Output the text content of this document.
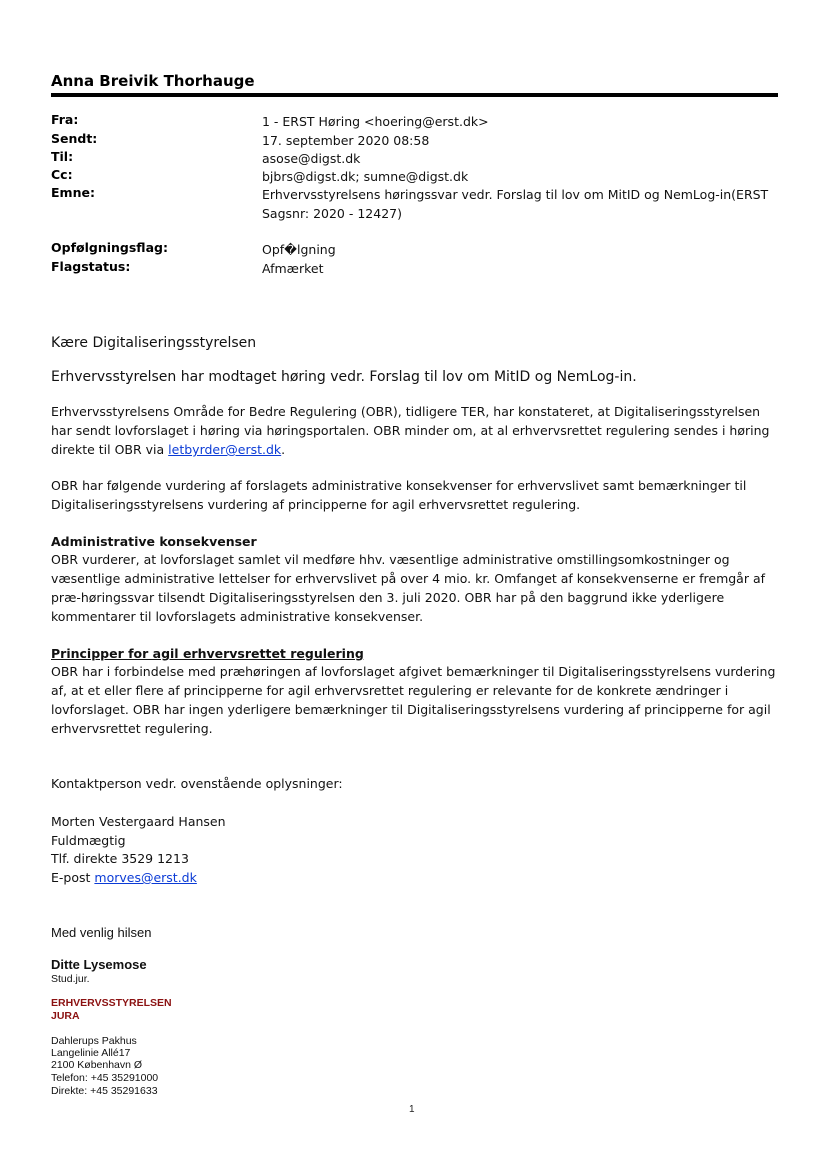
Anna Breivik Thorhauge
Fra:	1 - ERST Høring <hoering@erst.dk>
Sendt:	17. september 2020 08:58
Til:	asose@digst.dk
Cc:	bjbrs@digst.dk; sumne@digst.dk
Emne:	Erhvervsstyrelsens høringssvar vedr. Forslag til lov om MitID og NemLog-in(ERST Sagsnr: 2020 - 12427)
Opfølgningsflag:	Opf�lgning
Flagstatus:	Afmærket
Kære Digitaliseringsstyrelsen
Erhvervsstyrelsen har modtaget høring vedr. Forslag til lov om MitID og NemLog-in.
Erhvervsstyrelsens Område for Bedre Regulering (OBR), tidligere TER, har konstateret, at Digitaliseringsstyrelsen har sendt lovforslaget i høring via høringsportalen. OBR minder om, at al erhvervsrettet regulering sendes i høring direkte til OBR via letbyrder@erst.dk.
OBR har følgende vurdering af forslagets administrative konsekvenser for erhvervslivet samt bemærkninger til Digitaliseringsstyrelsens vurdering af principperne for agil erhvervsrettet regulering.
Administrative konsekvenser
OBR vurderer, at lovforslaget samlet vil medføre hhv. væsentlige administrative omstillingsomkostninger og væsentlige administrative lettelser for erhvervslivet på over 4 mio. kr. Omfanget af konsekvenserne er fremgår af præ-høringssvar tilsendt Digitaliseringsstyrelsen den 3. juli 2020. OBR har på den baggrund ikke yderligere kommentarer til lovforslagets administrative konsekvenser.
Principper for agil erhvervsrettet regulering
OBR har i forbindelse med præhøringen af lovforslaget afgivet bemærkninger til Digitaliseringsstyrelsens vurdering af, at et eller flere af principperne for agil erhvervsrettet regulering er relevante for de konkrete ændringer i lovforslaget. OBR har ingen yderligere bemærkninger til Digitaliseringsstyrelsens vurdering af principperne for agil erhvervsrettet regulering.
Kontaktperson vedr. ovenstående oplysninger:
Morten Vestergaard Hansen
Fuldmægtig
Tlf. direkte 3529 1213
E-post morves@erst.dk
Med venlig hilsen
Ditte Lysemose
Stud.jur.
ERHVERVSSTYRELSEN
JURA
Dahlerups Pakhus
Langelinie Allé17
2100 København Ø
Telefon: +45 35291000
Direkte: +45 35291633
1
